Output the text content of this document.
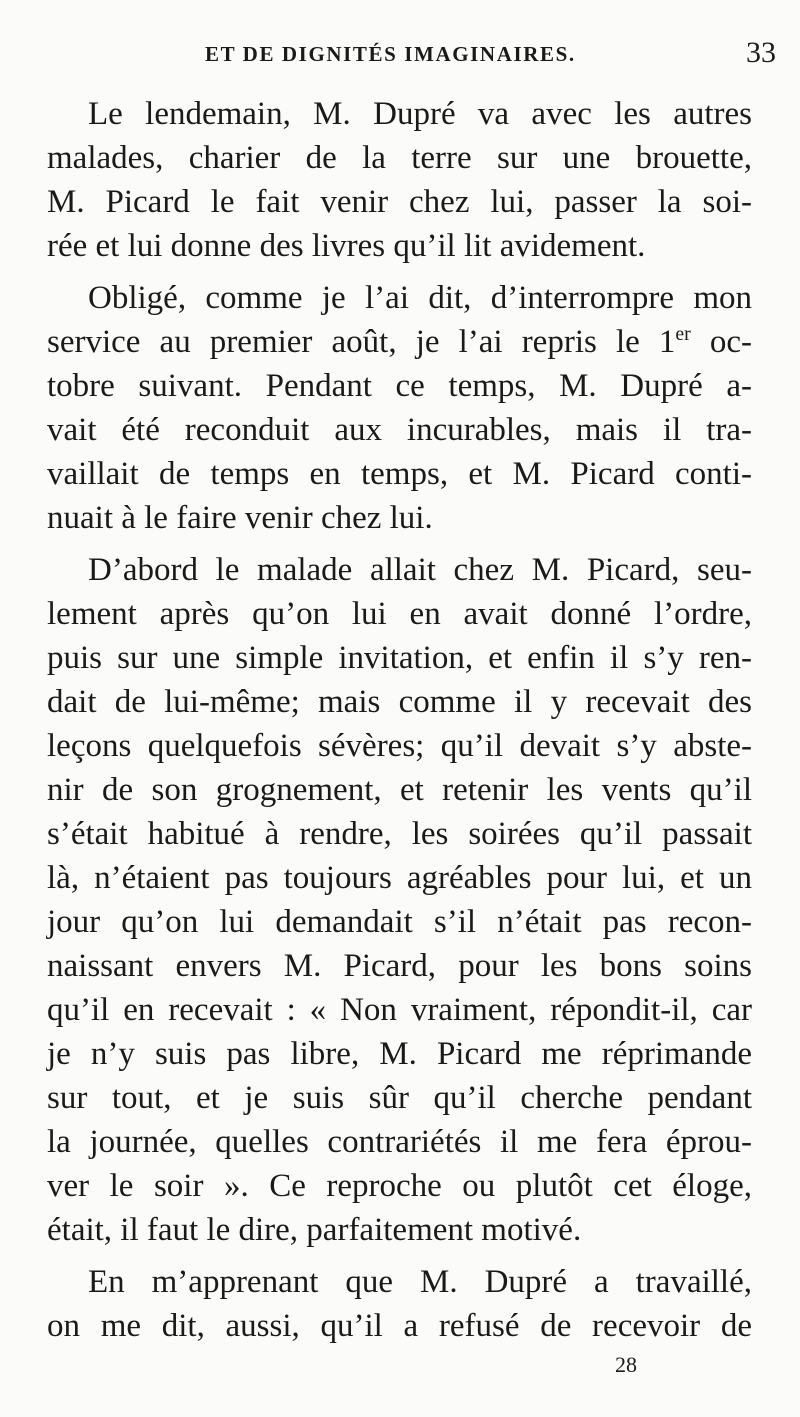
ET DE DIGNITÉS IMAGINAIRES.	33
Le lendemain, M. Dupré va avec les autres
malades, charier de la terre sur une brouette,
M. Picard le fait venir chez lui, passer la soi-
rée et lui donne des livres qu’il lit avidement.
Obligé, comme je l’ai dit, d’interrompre mon
service au premier août, je l’ai repris le 1er oc-
tobre suivant. Pendant ce temps, M. Dupré a-
vait été reconduit aux incurables, mais il tra-
vaillait de temps en temps, et M. Picard conti-
nuait à le faire venir chez lui.
D’abord le malade allait chez M. Picard, seu-
lement après qu’on lui en avait donné l’ordre,
puis sur une simple invitation, et enfin il s’y ren-
dait de lui-même; mais comme il y recevait des
leçons quelquefois sévères; qu’il devait s’y abste-
nir de son grognement, et retenir les vents qu’il
s’était habitué à rendre, les soirées qu’il passait
là, n’étaient pas toujours agréables pour lui, et un
jour qu’on lui demandait s’il n’était pas recon-
naissant envers M. Picard, pour les bons soins
qu’il en recevait : « Non vraiment, répondit-il, car
je n’y suis pas libre, M. Picard me réprimande
sur tout, et je suis sûr qu’il cherche pendant
la journée, quelles contrariétés il me fera éprou-
ver le soir ». Ce reproche ou plutôt cet éloge,
était, il faut le dire, parfaitement motivé.
En m’apprenant que M. Dupré a travaillé,
on me dit, aussi, qu’il a refusé de recevoir de
28
